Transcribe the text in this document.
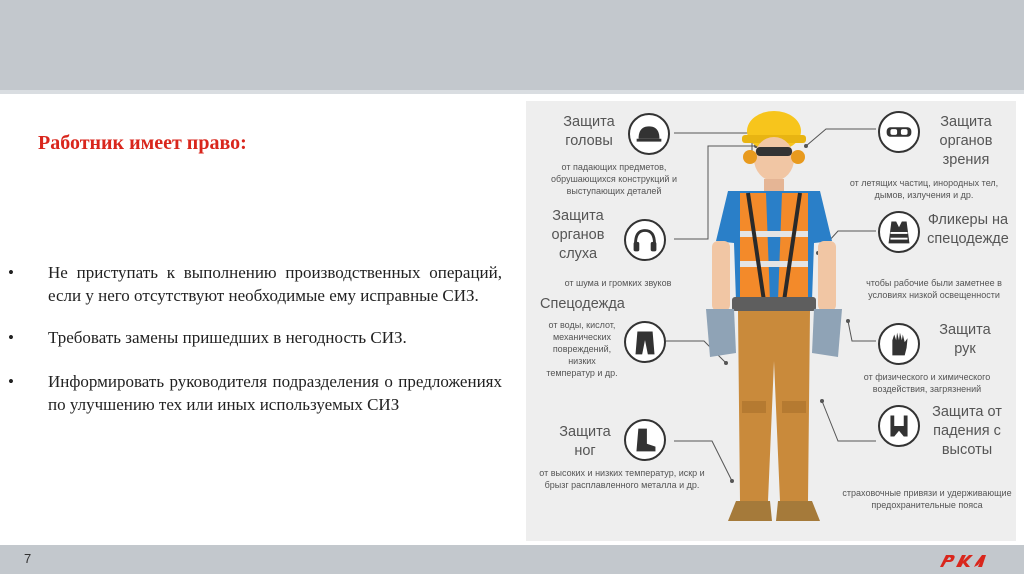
Работник имеет право:
• Не приступать к выполнению производственных операций, если у него отсутствуют необходимые ему исправные СИЗ.
• Требовать замены пришедших в негодность СИЗ.
• Информировать руководителя подразделения о предложениях по улучшению тех или иных используемых СИЗ
Защита головы
от падающих предметов, обрушающихся конструкций и выступающих деталей
Защита органов слуха
от шума и громких звуков
Спецодежда
от воды, кислот, механических повреждений, низких температур и др.
Защита ног
от высоких и низких температур, искр и брызг расплавленного металла и др.
Защита органов зрения
от летящих частиц, инородных тел, дымов, излучения и др.
Фликеры на спецодежде
чтобы рабочие были заметнее в условиях низкой освещенности
Защита рук
от физического и химического воздействия, загрязнений
Защита от падения с высоты
страховочные привязи и удерживающие предохранительные пояса
7
